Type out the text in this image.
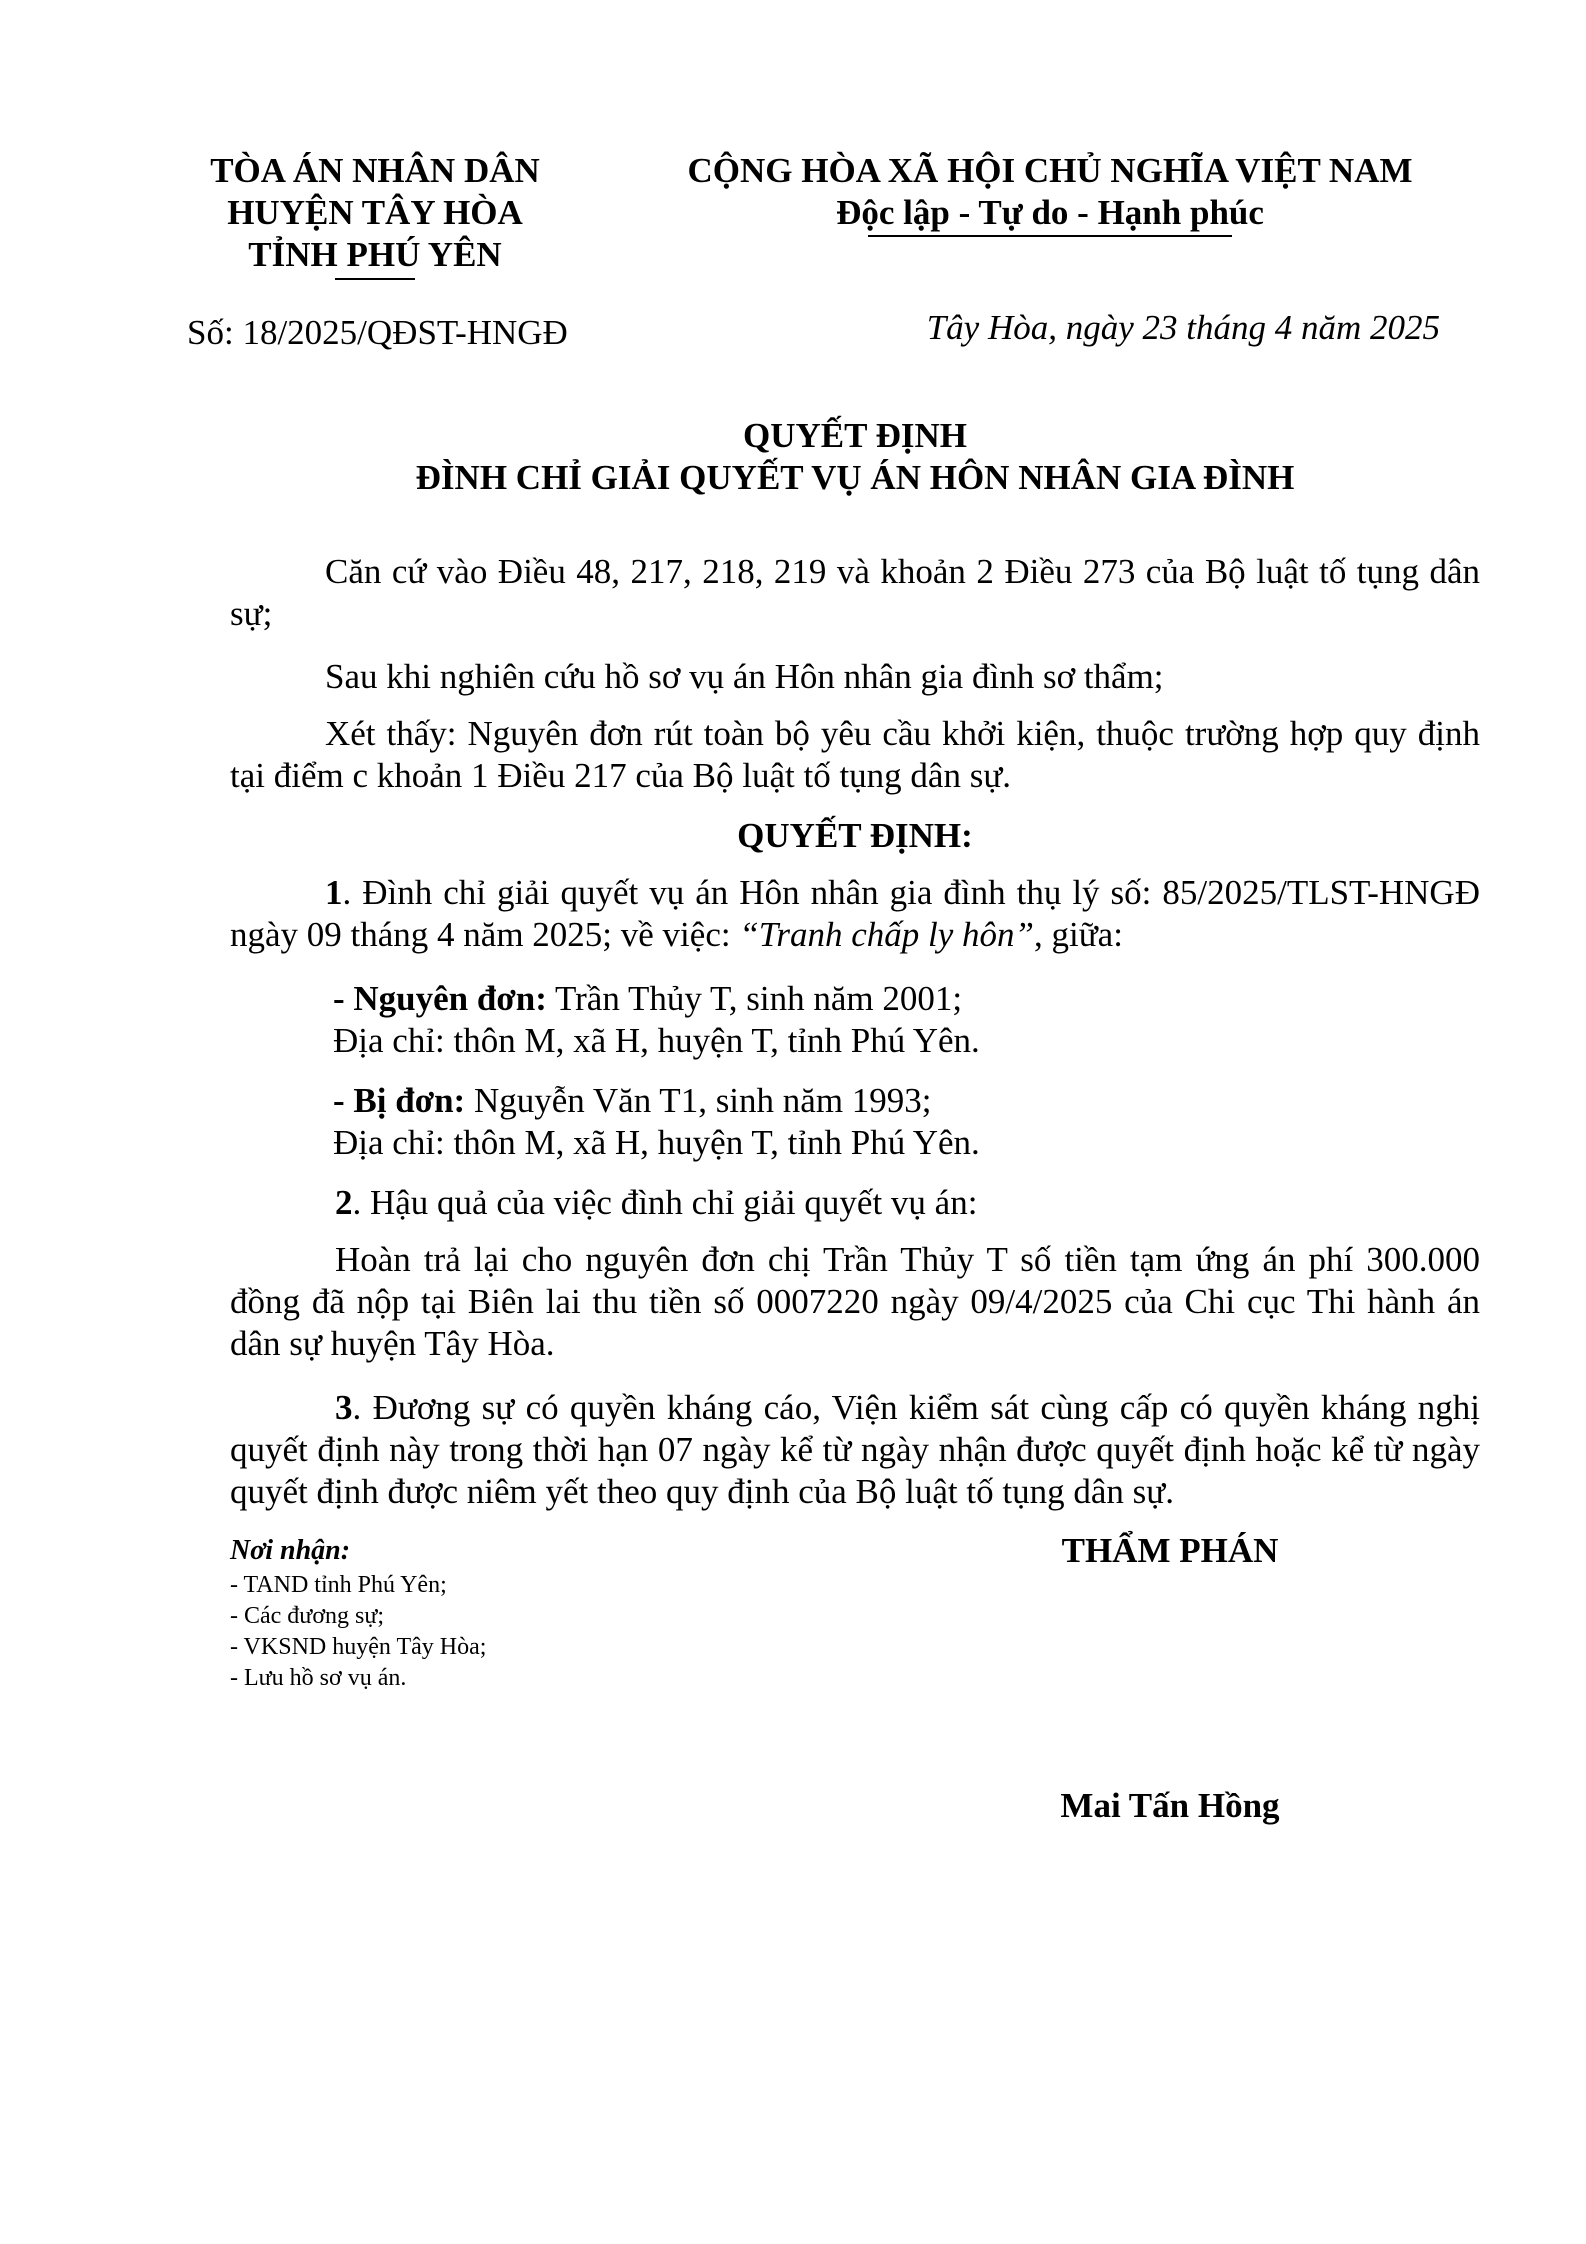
TÒA ÁN NHÂN DÂN
HUYỆN TÂY HÒA
TỈNH PHÚ YÊN
CỘNG HÒA XÃ HỘI CHỦ NGHĨA VIỆT NAM
Độc lập - Tự do - Hạnh phúc
Số: 18/2025/QĐST-HNGĐ	Tây Hòa, ngày 23 tháng 4 năm 2025
QUYẾT ĐỊNH
ĐÌNH CHỈ GIẢI QUYẾT VỤ ÁN HÔN NHÂN GIA ĐÌNH
Căn cứ vào Điều 48, 217, 218, 219 và khoản 2 Điều 273 của Bộ luật tố tụng dân sự;
Sau khi nghiên cứu hồ sơ vụ án Hôn nhân gia đình sơ thẩm;
Xét thấy: Nguyên đơn rút toàn bộ yêu cầu khởi kiện, thuộc trường hợp quy định tại điểm c khoản 1 Điều 217 của Bộ luật tố tụng dân sự.
QUYẾT ĐỊNH:
1. Đình chỉ giải quyết vụ án Hôn nhân gia đình thụ lý số: 85/2025/TLST-HNGĐ ngày 09 tháng 4 năm 2025; về việc: “Tranh chấp ly hôn”, giữa:
- Nguyên đơn: Trần Thủy T, sinh năm 2001;
Địa chỉ: thôn M, xã H, huyện T, tỉnh Phú Yên.
- Bị đơn: Nguyễn Văn T1, sinh năm 1993;
Địa chỉ: thôn M, xã H, huyện T, tỉnh Phú Yên.
2. Hậu quả của việc đình chỉ giải quyết vụ án:
Hoàn trả lại cho nguyên đơn chị Trần Thủy T số tiền tạm ứng án phí 300.000 đồng đã nộp tại Biên lai thu tiền số 0007220 ngày 09/4/2025 của Chi cục Thi hành án dân sự huyện Tây Hòa.
3. Đương sự có quyền kháng cáo, Viện kiểm sát cùng cấp có quyền kháng nghị quyết định này trong thời hạn 07 ngày kể từ ngày nhận được quyết định hoặc kể từ ngày quyết định được niêm yết theo quy định của Bộ luật tố tụng dân sự.
Nơi nhận:
- TAND tỉnh Phú Yên;
- Các đương sự;
- VKSND huyện Tây Hòa;
- Lưu hồ sơ vụ án.
THẨM PHÁN
Mai Tấn Hồng
